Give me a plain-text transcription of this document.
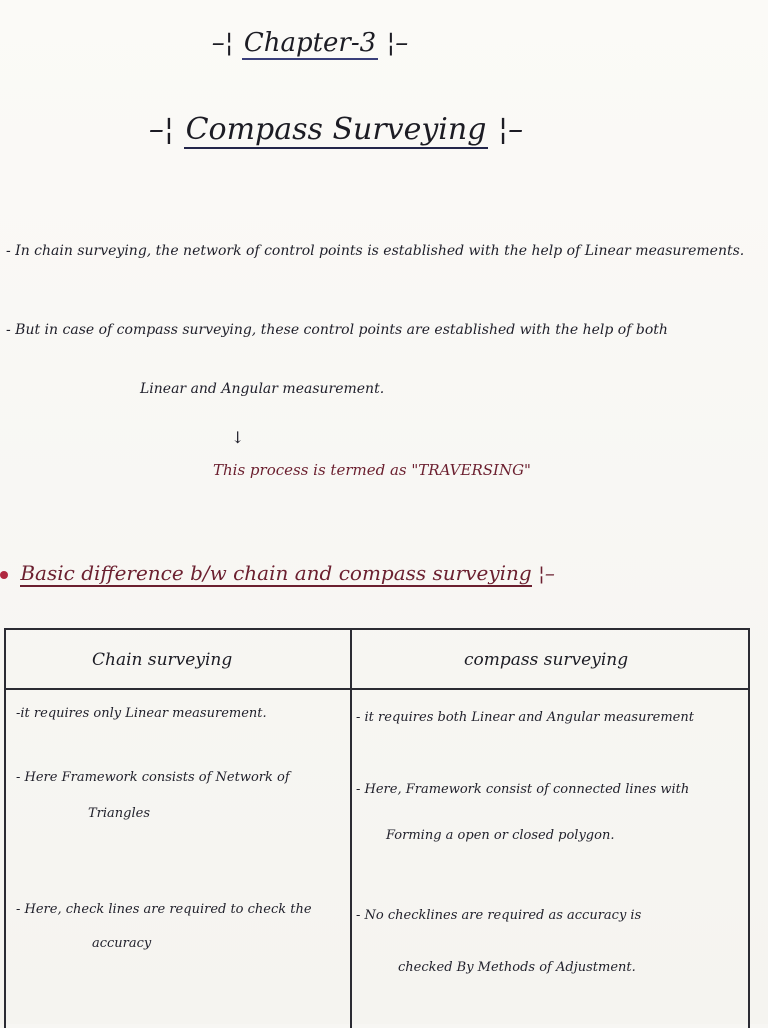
–¦ Chapter-3 ¦–
–¦ Compass Surveying ¦–
- In chain surveying, the network of control points is established with the help of Linear measurements.
- But in case of compass surveying, these control points are established with the help of both
Linear and Angular measurement.
↓
This process is termed as "TRAVERSING"
Basic difference b/w chain and compass surveying ¦–
Chain surveying	compass surveying
-it requires only Linear measurement.
- Here Framework consists of Network of
Triangles
- Here, check lines are required to check the
accuracy
- it requires both Linear and Angular measurement
- Here, Framework consist of connected lines with
Forming a open or closed polygon.
- No checklines are required as accuracy is
checked By Methods of Adjustment.
